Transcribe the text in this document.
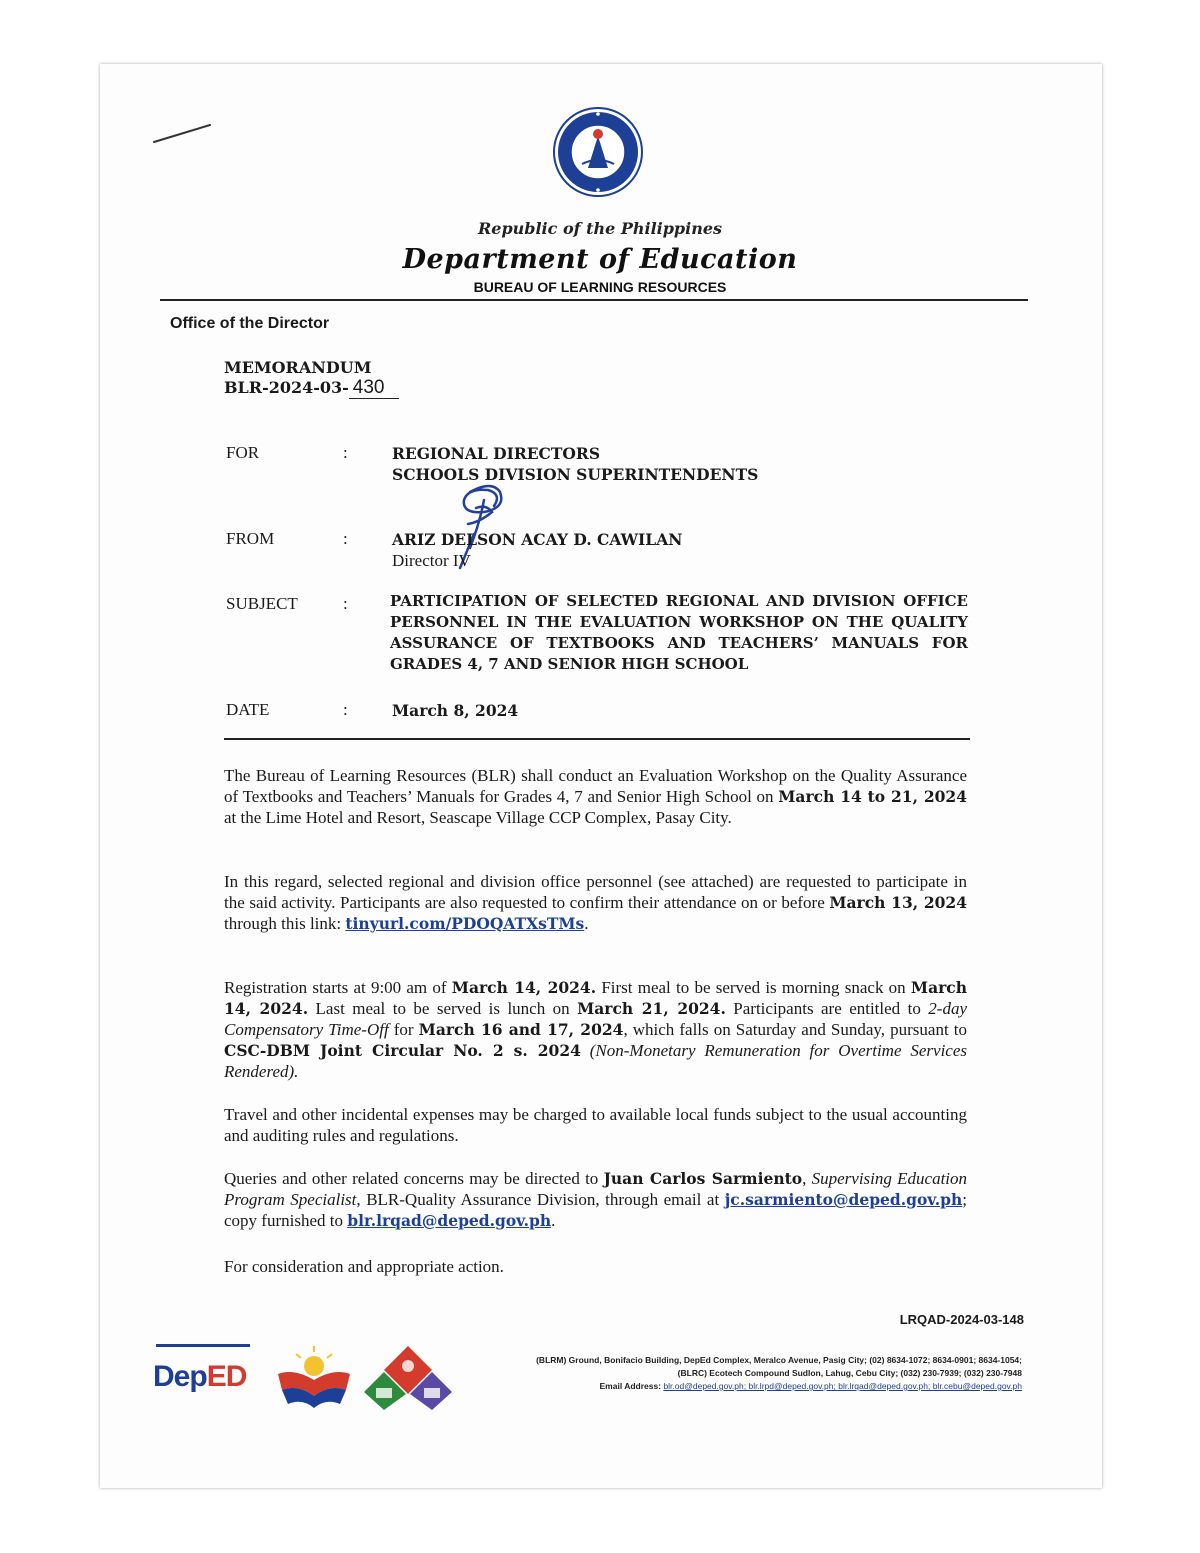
Republic of the Philippines
Department of Education
BUREAU OF LEARNING RESOURCES
Office of the Director
MEMORANDUM
BLR-2024-03- 430
FOR	:	REGIONAL DIRECTORS
SCHOOLS DIVISION SUPERINTENDENTS
FROM	:	ARIZ DELSON ACAY D. CAWILAN
Director IV
SUBJECT	:	PARTICIPATION OF SELECTED REGIONAL AND DIVISION OFFICE PERSONNEL IN THE EVALUATION WORKSHOP ON THE QUALITY ASSURANCE OF TEXTBOOKS AND TEACHERS’ MANUALS FOR GRADES 4, 7 AND SENIOR HIGH SCHOOL
DATE	:	March 8, 2024
The Bureau of Learning Resources (BLR) shall conduct an Evaluation Workshop on the Quality Assurance of Textbooks and Teachers’ Manuals for Grades 4, 7 and Senior High School on March 14 to 21, 2024 at the Lime Hotel and Resort, Seascape Village CCP Complex, Pasay City.
In this regard, selected regional and division office personnel (see attached) are requested to participate in the said activity. Participants are also requested to confirm their attendance on or before March 13, 2024 through this link: tinyurl.com/PDOQATXsTMs.
Registration starts at 9:00 am of March 14, 2024. First meal to be served is morning snack on March 14, 2024. Last meal to be served is lunch on March 21, 2024. Participants are entitled to 2-day Compensatory Time-Off for March 16 and 17, 2024, which falls on Saturday and Sunday, pursuant to CSC-DBM Joint Circular No. 2 s. 2024 (Non-Monetary Remuneration for Overtime Services Rendered).
Travel and other incidental expenses may be charged to available local funds subject to the usual accounting and auditing rules and regulations.
Queries and other related concerns may be directed to Juan Carlos Sarmiento, Supervising Education Program Specialist, BLR-Quality Assurance Division, through email at jc.sarmiento@deped.gov.ph; copy furnished to blr.lrqad@deped.gov.ph.
For consideration and appropriate action.
LRQAD-2024-03-148
DepED	(BLRM) Ground, Bonifacio Building, DepEd Complex, Meralco Avenue, Pasig City; (02) 8634-1072; 8634-0901; 8634-1054;
(BLRC) Ecotech Compound Sudlon, Lahug, Cebu City; (032) 230-7939; (032) 230-7948
Email Address: blr.od@deped.gov.ph; blr.lrpd@deped.gov.ph; blr.lrqad@deped.gov.ph; blr.cebu@deped.gov.ph
